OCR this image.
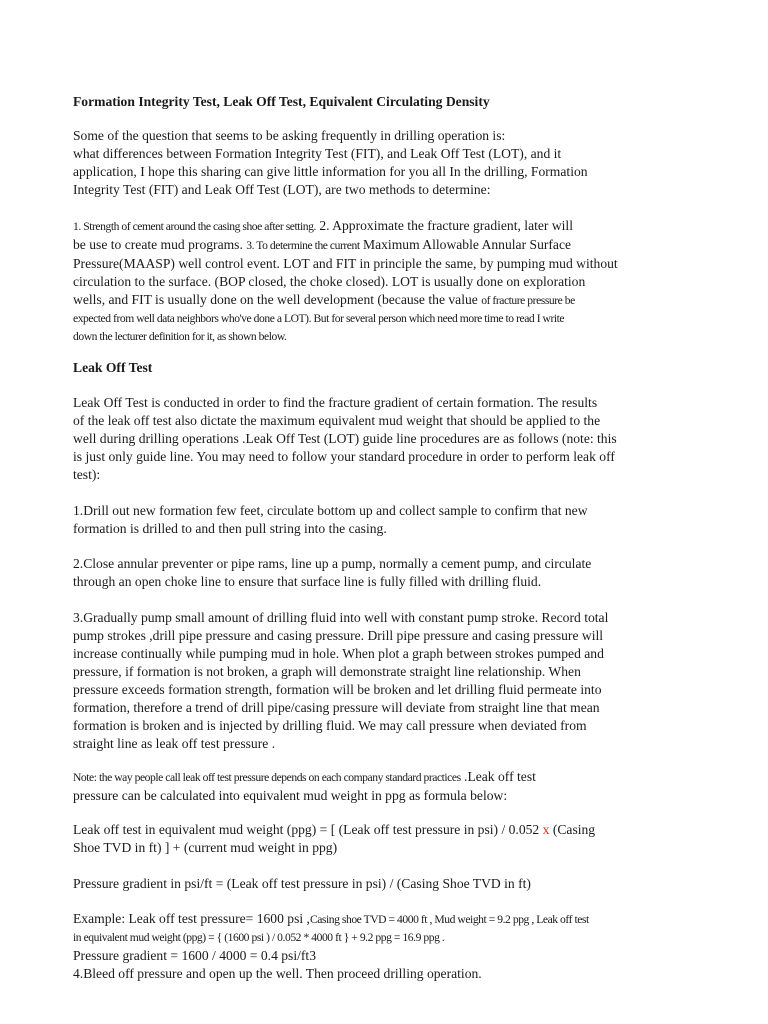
Formation Integrity Test, Leak Off Test, Equivalent Circulating Density
Some of the question that seems to be asking frequently in drilling operation is:
what differences between Formation Integrity Test (FIT), and Leak Off Test (LOT), and it
application, I hope this sharing can give little information for you all In the drilling, Formation
Integrity Test (FIT) and Leak Off Test (LOT), are two methods to determine:
1. Strength of cement around the casing shoe after setting. 2. Approximate the fracture gradient, later will
be use to create mud programs. 3. To determine the current Maximum Allowable Annular Surface
Pressure(MAASP) well control event. LOT and FIT in principle the same, by pumping mud without
circulation to the surface. (BOP closed, the choke closed). LOT is usually done on exploration
wells, and FIT is usually done on the well development (because the value of fracture pressure be
expected from well data neighbors who've done a LOT). But for several person which need more time to read I write
down the lecturer definition for it, as shown below.
Leak Off Test
Leak Off Test is conducted in order to find the fracture gradient of certain formation. The results
of the leak off test also dictate the maximum equivalent mud weight that should be applied to the
well during drilling operations .Leak Off Test (LOT) guide line procedures are as follows (note: this
is just only guide line. You may need to follow your standard procedure in order to perform leak off
test):
1.Drill out new formation few feet, circulate bottom up and collect sample to confirm that new
formation is drilled to and then pull string into the casing.
2.Close annular preventer or pipe rams, line up a pump, normally a cement pump, and circulate
through an open choke line to ensure that surface line is fully filled with drilling fluid.
3.Gradually pump small amount of drilling fluid into well with constant pump stroke. Record total
pump strokes ,drill pipe pressure and casing pressure. Drill pipe pressure and casing pressure will
increase continually while pumping mud in hole. When plot a graph between strokes pumped and
pressure, if formation is not broken, a graph will demonstrate straight line relationship. When
pressure exceeds formation strength, formation will be broken and let drilling fluid permeate into
formation, therefore a trend of drill pipe/casing pressure will deviate from straight line that mean
formation is broken and is injected by drilling fluid. We may call pressure when deviated from
straight line as leak off test pressure .
Note: the way people call leak off test pressure depends on each company standard practices .Leak off test
pressure can be calculated into equivalent mud weight in ppg as formula below:
Leak off test in equivalent mud weight (ppg) = [ (Leak off test pressure in psi) / 0.052 x (Casing
Shoe TVD in ft) ] + (current mud weight in ppg)
Pressure gradient in psi/ft = (Leak off test pressure in psi) / (Casing Shoe TVD in ft)
Example: Leak off test pressure= 1600 psi ,Casing shoe TVD = 4000 ft , Mud weight = 9.2 ppg , Leak off test
in equivalent mud weight (ppg) = { (1600 psi ) / 0.052 * 4000 ft } + 9.2 ppg = 16.9 ppg .
Pressure gradient = 1600 / 4000 = 0.4 psi/ft3
4.Bleed off pressure and open up the well. Then proceed drilling operation.
